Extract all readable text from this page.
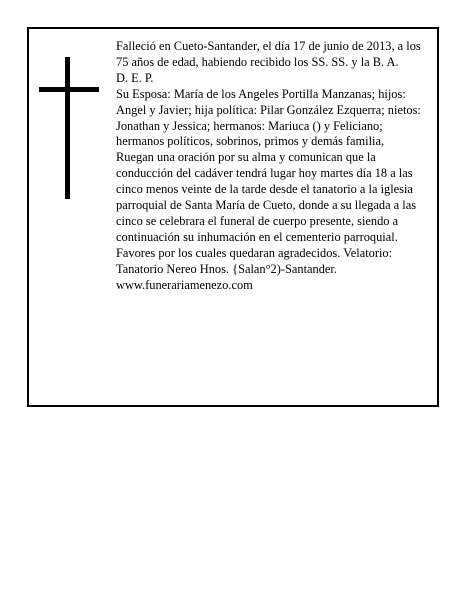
Falleció en Cueto-Santander, el día 17 de junio de 2013, a los 75 años de edad, habiendo recibido los SS. SS. y la B. A.

D. E. P.

Su Esposa: María de los Angeles Portilla Manzanas; hijos: Angel y Javier; hija política: Pilar González Ezquerra; nietos: Jonathan y Jessica; hermanos: Mariuca () y Feliciano; hermanos políticos, sobrinos, primos y demás familia,

Ruegan una oración por su alma y comunican que la conducción del cadáver tendrá lugar hoy martes día 18 a las cinco menos veinte de la tarde desde el tanatorio a la iglesia parroquial de Santa María de Cueto, donde a su llegada a las cinco se celebrara el funeral de cuerpo presente, siendo a continuación su inhumación en el cementerio parroquial. Favores por los cuales quedaran agradecidos. Velatorio: Tanatorio Nereo Hnos. {Salan°2)-Santander.

www.funerariamenezo.com
